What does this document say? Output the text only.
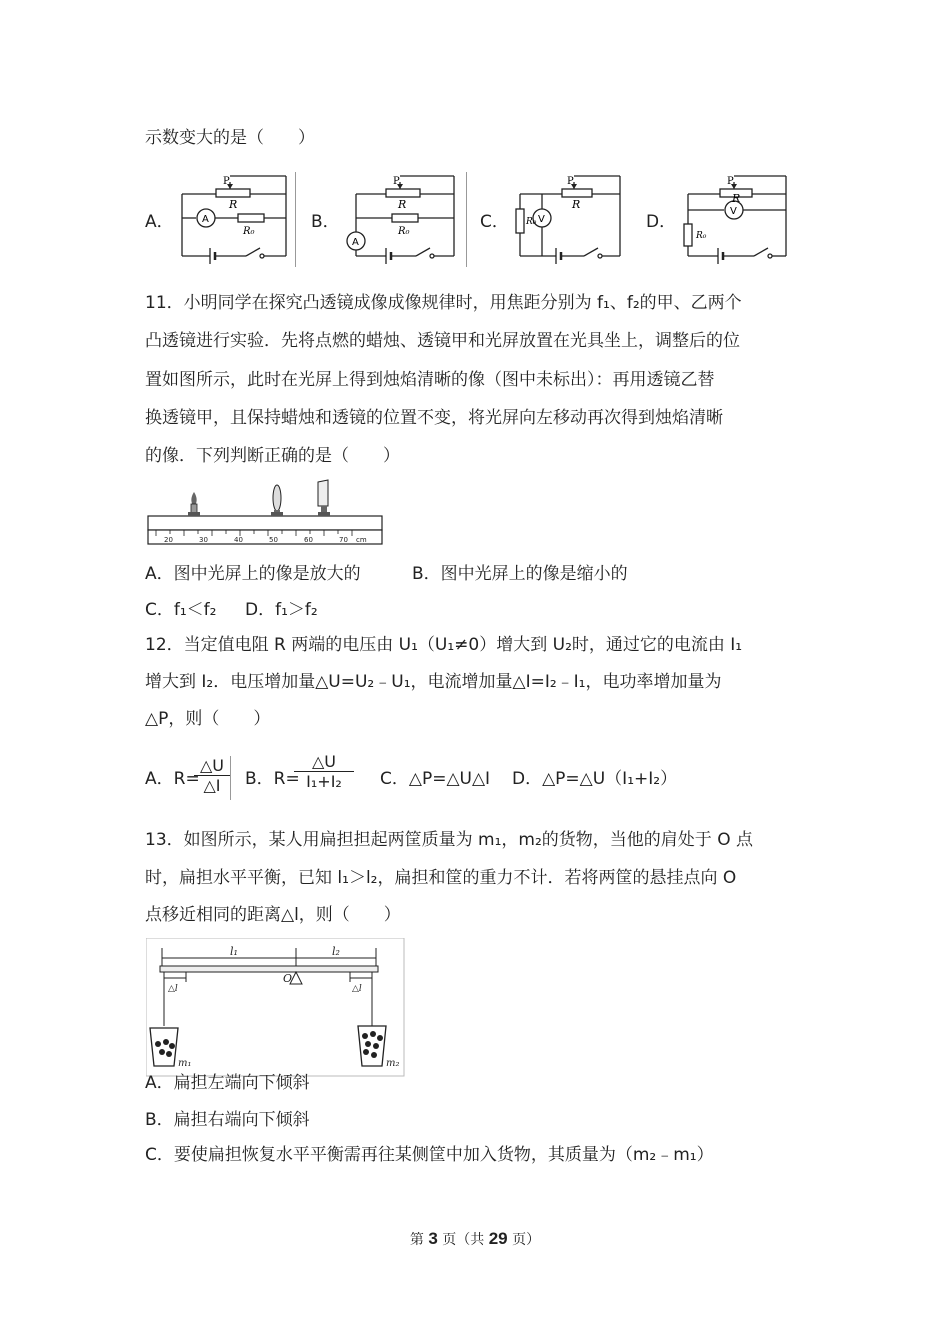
示数变大的是（　　）
A．	B．	C．	D．
P
R
R₀
A
P
R
R₀
A
P
R
R₀ V
P
R
R₀
V
11．小明同学在探究凸透镜成像成像规律时，用焦距分别为 f₁、f₂的甲、乙两个
凸透镜进行实验．先将点燃的蜡烛、透镜甲和光屏放置在光具坐上，调整后的位
置如图所示，此时在光屏上得到烛焰清晰的像（图中未标出）：再用透镜乙替
换透镜甲，且保持蜡烛和透镜的位置不变，将光屏向左移动再次得到烛焰清晰
的像．下列判断正确的是（　　）
20	30	40	50	60	70 cm
A．图中光屏上的像是放大的	B．图中光屏上的像是缩小的
C．f₁＜f₂ D．f₁＞f₂
12．当定值电阻 R 两端的电压由 U₁（U₁≠0）增大到 U₂时，通过它的电流由 I₁
增大到 I₂．电压增加量△U=U₂﹣U₁，电流增加量△I=I₂﹣I₁，电功率增加量为
△P，则（　　）
A．R=
$\frac{\triangle U}{\triangle I}$ B．R=
$\frac{\triangle U}{\text{I₁+I₂}}$ C．△P=△U△I D．△P=△U（I₁+I₂）
13．如图所示，某人用扁担担起两筐质量为 m₁，m₂的货物，当他的肩处于 O 点
时，扁担水平平衡，已知 l₁＞l₂，扁担和筐的重力不计．若将两筐的悬挂点向 O
点移近相同的距离△l，则（　　）
l₁	l₂
O
△l	△l
m₁	m₂
A．扁担左端向下倾斜
B．扁担右端向下倾斜
C．要使扁担恢复水平平衡需再往某侧筐中加入货物，其质量为（m₂﹣m₁）
第 3 页（共 29 页）
